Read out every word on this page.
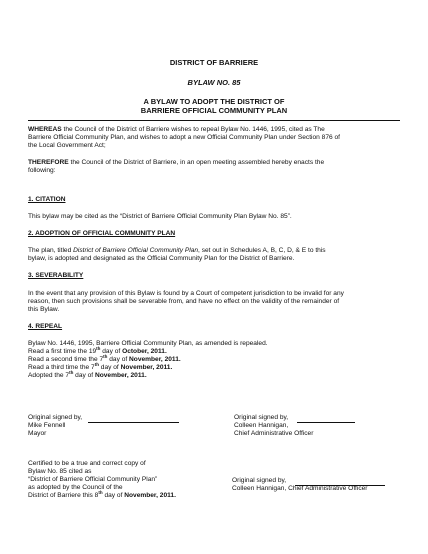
DISTRICT OF BARRIERE
BYLAW NO. 85
A BYLAW TO ADOPT THE DISTRICT OF
BARRIERE OFFICIAL COMMUNITY PLAN
WHEREAS the Council of the District of Barriere wishes to repeal Bylaw No. 1446, 1995, cited as The
Barriere Official Community Plan, and wishes to adopt a new Official Community Plan under Section 876 of
the Local Government Act;
THEREFORE the Council of the District of Barriere, in an open meeting assembled hereby enacts the
following:
1. CITATION
This bylaw may be cited as the “District of Barriere Official Community Plan Bylaw No. 85”.
2. ADOPTION OF OFFICIAL COMMUNITY PLAN
The plan, titled District of Barriere Official Community Plan, set out in Schedules A, B, C, D, & E to this
bylaw, is adopted and designated as the Official Community Plan for the District of Barriere.
3. SEVERABILITY
In the event that any provision of this Bylaw is found by a Court of competent jurisdiction to be invalid for any
reason, then such provisions shall be severable from, and have no effect on the validity of the remainder of
this Bylaw.
4. REPEAL
Bylaw No. 1446, 1995, Barriere Official Community Plan, as amended is repealed.
Read a first time the 19th day of October, 2011.
Read a second time the 7th day of November, 2011.
Read a third time the 7th day of November, 2011.
Adopted the 7th day of November, 2011.
Original signed by,
Mike Fennell
Mayor
Original signed by,
Colleen Hannigan,
Chief Administrative Officer
Certified to be a true and correct copy of
Bylaw No. 85 cited as
“District of Barriere Official Community Plan”
as adopted by the Council of the
District of Barriere this 8th day of November, 2011.
Original signed by,
Colleen Hannigan, Chief Administrative Officer
